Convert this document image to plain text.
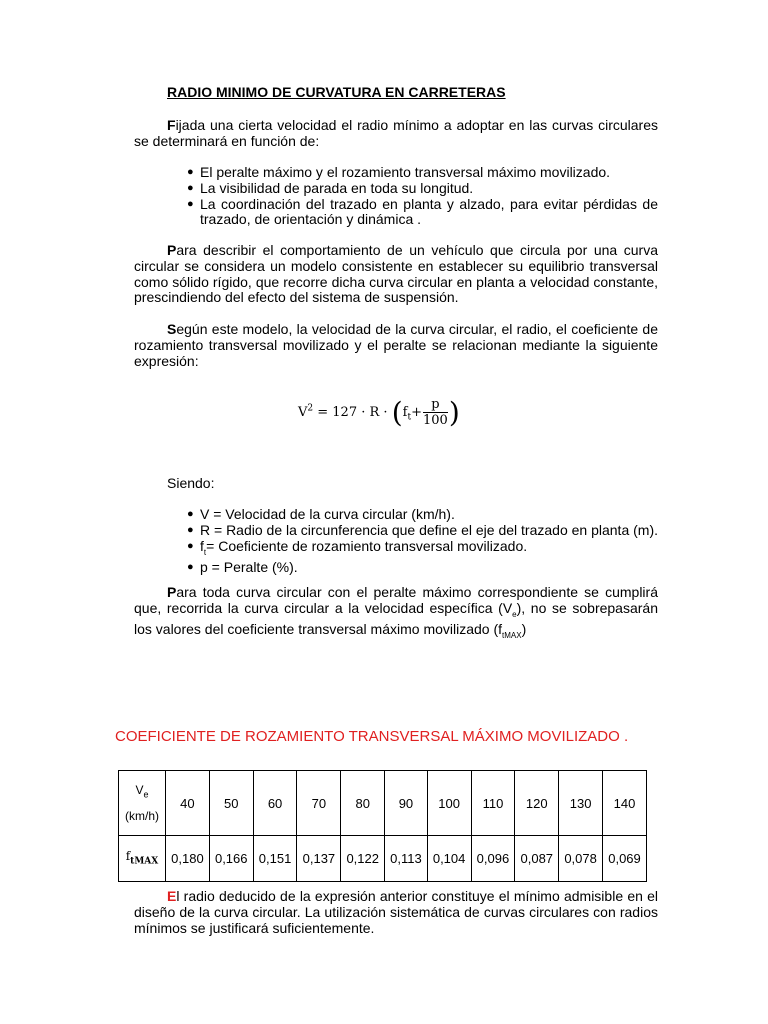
RADIO MINIMO DE CURVATURA EN CARRETERAS
Fijada una cierta velocidad el radio mínimo a adoptar en las curvas circulares se determinará en función de:
● El peralte máximo y el rozamiento transversal máximo movilizado.
● La visibilidad de parada en toda su longitud.
● La coordinación del trazado en planta y alzado, para evitar pérdidas de trazado, de orientación y dinámica .
Para describir el comportamiento de un vehículo que circula por una curva circular se considera un modelo consistente en establecer su equilibrio transversal como sólido rígido, que recorre dicha curva circular en planta a velocidad constante, prescindiendo del efecto del sistema de suspensión.
Según este modelo, la velocidad de la curva circular, el radio, el coeficiente de rozamiento transversal movilizado y el peralte se relacionan mediante la siguiente expresión:
$V^2 = 127 \cdot R \cdot (f_t+ \frac{p}{100}$ )
Siendo:
● V = Velocidad de la curva circular (km/h).
● R = Radio de la circunferencia que define el eje del trazado en planta (m).
● $f_t=$ Coeficiente de rozamiento transversal movilizado.
● p = Peralte (%).
Para toda curva circular con el peralte máximo correspondiente se cumplirá que, recorrida la curva circular a la velocidad específica $(V_e)$, no se sobrepasarán los valores del coeficiente transversal máximo movilizado $(f_{tMAX})$
COEFICIENTE DE ROZAMIENTO TRANSVERSAL MÁXIMO MOVILIZADO .
$V_e$
(km/h)	40	50	60	70	80	90	100	110	120	130	140
$f_{tMAX}$	0,180	0,166	0,151	0,137	0,122	0,113	0,104	0,096	0,087	0,078	0,069
El radio deducido de la expresión anterior constituye el mínimo admisible en el diseño de la curva circular. La utilización sistemática de curvas circulares con radios mínimos se justificará suficientemente.
